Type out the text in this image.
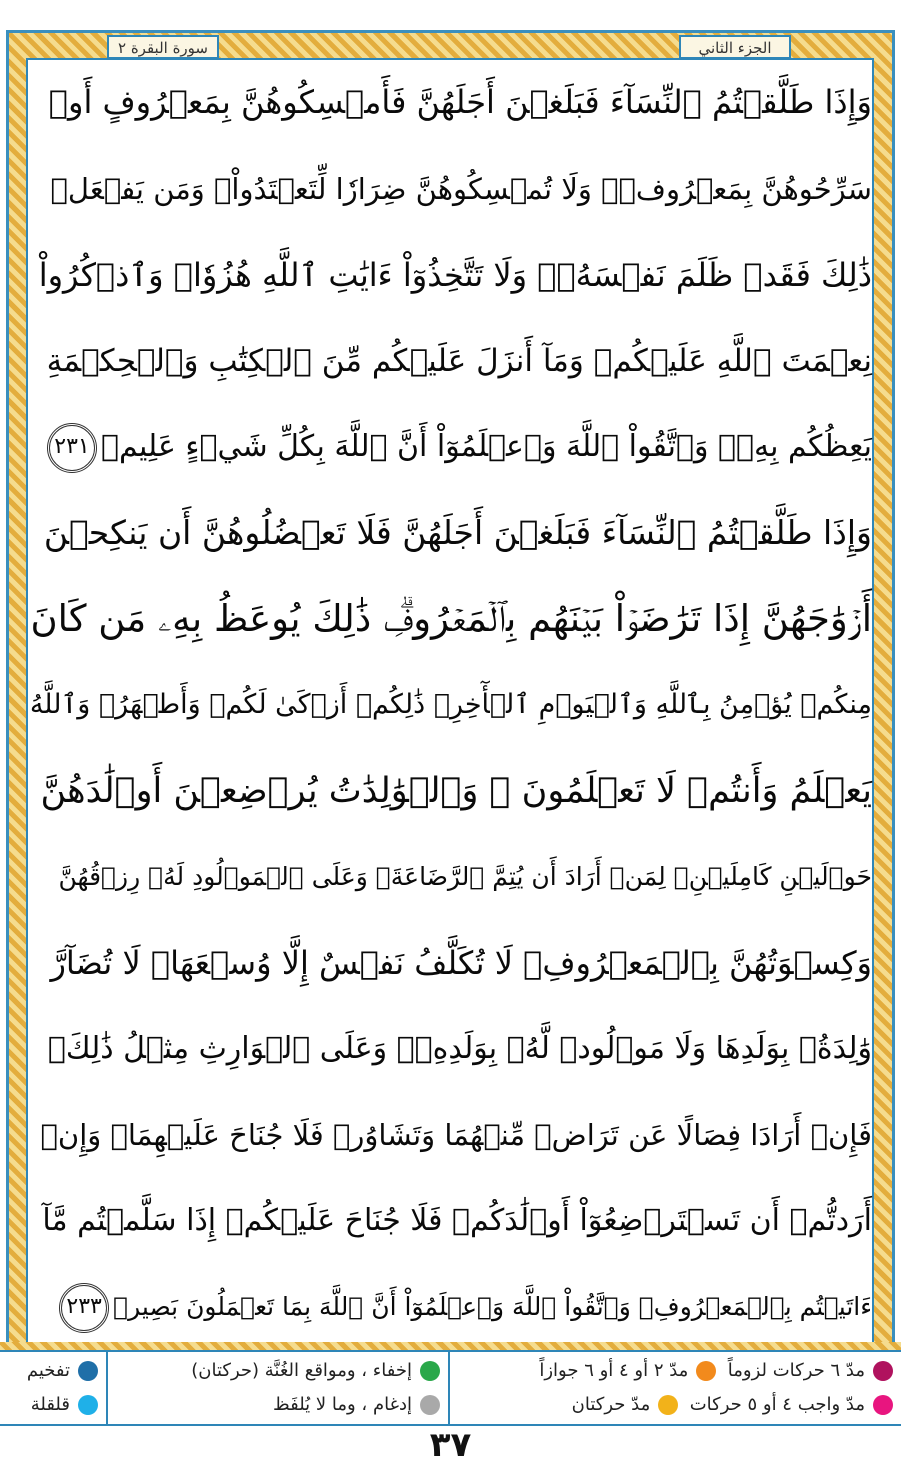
سورة البقرة ٢	الجزء الثاني
وَإِذَا طَلَّقۡتُمُ ٱلنِّسَآءَ فَبَلَغۡنَ أَجَلَهُنَّ فَأَمۡسِكُوهُنَّ بِمَعۡرُوفٍ أَوۡ
سَرِّحُوهُنَّ بِمَعۡرُوفٖۚ وَلَا تُمۡسِكُوهُنَّ ضِرَارٗا لِّتَعۡتَدُواْۚ وَمَن يَفۡعَلۡ
ذَٰلِكَ فَقَدۡ ظَلَمَ نَفۡسَهُۥۚ وَلَا تَتَّخِذُوٓاْ ءَايَٰتِ ٱللَّهِ هُزُوٗاۚ وَٱذۡكُرُواْ
نِعۡمَتَ ٱللَّهِ عَلَيۡكُمۡ وَمَآ أَنزَلَ عَلَيۡكُم مِّنَ ٱلۡكِتَٰبِ وَٱلۡحِكۡمَةِ
يَعِظُكُم بِهِۦۚ وَٱتَّقُواْ ٱللَّهَ وَٱعۡلَمُوٓاْ أَنَّ ٱللَّهَ بِكُلِّ شَيۡءٍ عَلِيمٞ٢٣١
وَإِذَا طَلَّقۡتُمُ ٱلنِّسَآءَ فَبَلَغۡنَ أَجَلَهُنَّ فَلَا تَعۡضُلُوهُنَّ أَن يَنكِحۡنَ
أَزۡوَٰجَهُنَّ إِذَا تَرَٰضَوۡاْ بَيۡنَهُم بِٱلۡمَعۡرُوفِۗ ذَٰلِكَ يُوعَظُ بِهِۦ مَن كَانَ
مِنكُمۡ يُؤۡمِنُ بِٱللَّهِ وَٱلۡيَوۡمِ ٱلۡأٓخِرِۗ ذَٰلِكُمۡ أَزۡكَىٰ لَكُمۡ وَأَطۡهَرُۚ وَٱللَّهُ
يَعۡلَمُ وَأَنتُمۡ لَا تَعۡلَمُونَ ۞ وَٱلۡوَٰلِدَٰتُ يُرۡضِعۡنَ أَوۡلَٰدَهُنَّ
حَوۡلَيۡنِ كَامِلَيۡنِۖ لِمَنۡ أَرَادَ أَن يُتِمَّ ٱلرَّضَاعَةَۚ وَعَلَى ٱلۡمَوۡلُودِ لَهُۥ رِزۡقُهُنَّ
وَكِسۡوَتُهُنَّ بِٱلۡمَعۡرُوفِۚ لَا تُكَلَّفُ نَفۡسٌ إِلَّا وُسۡعَهَاۚ لَا تُضَآرَّ
وَٰلِدَةُۢ بِوَلَدِهَا وَلَا مَوۡلُودٞ لَّهُۥ بِوَلَدِهِۦۚ وَعَلَى ٱلۡوَارِثِ مِثۡلُ ذَٰلِكَۗ
فَإِنۡ أَرَادَا فِصَالًا عَن تَرَاضٖ مِّنۡهُمَا وَتَشَاوُرٖ فَلَا جُنَاحَ عَلَيۡهِمَاۗ وَإِنۡ
أَرَدتُّمۡ أَن تَسۡتَرۡضِعُوٓاْ أَوۡلَٰدَكُمۡ فَلَا جُنَاحَ عَلَيۡكُمۡ إِذَا سَلَّمۡتُم مَّآ
ءَاتَيۡتُم بِٱلۡمَعۡرُوفِۗ وَٱتَّقُواْ ٱللَّهَ وَٱعۡلَمُوٓاْ أَنَّ ٱللَّهَ بِمَا تَعۡمَلُونَ بَصِيرٞ٢٣٣
تفخيم
قلقلة
إخفاء ، ومواقع الغُنَّة (حركتان)
إدغام ، وما لا يُلفَظ
مدّ ٦ حركات لزوماً  مدّ ٢ أو ٤ أو ٦ جوازاً
مدّ واجب ٤ أو ٥ حركات  مدّ حركتان
٣٧
